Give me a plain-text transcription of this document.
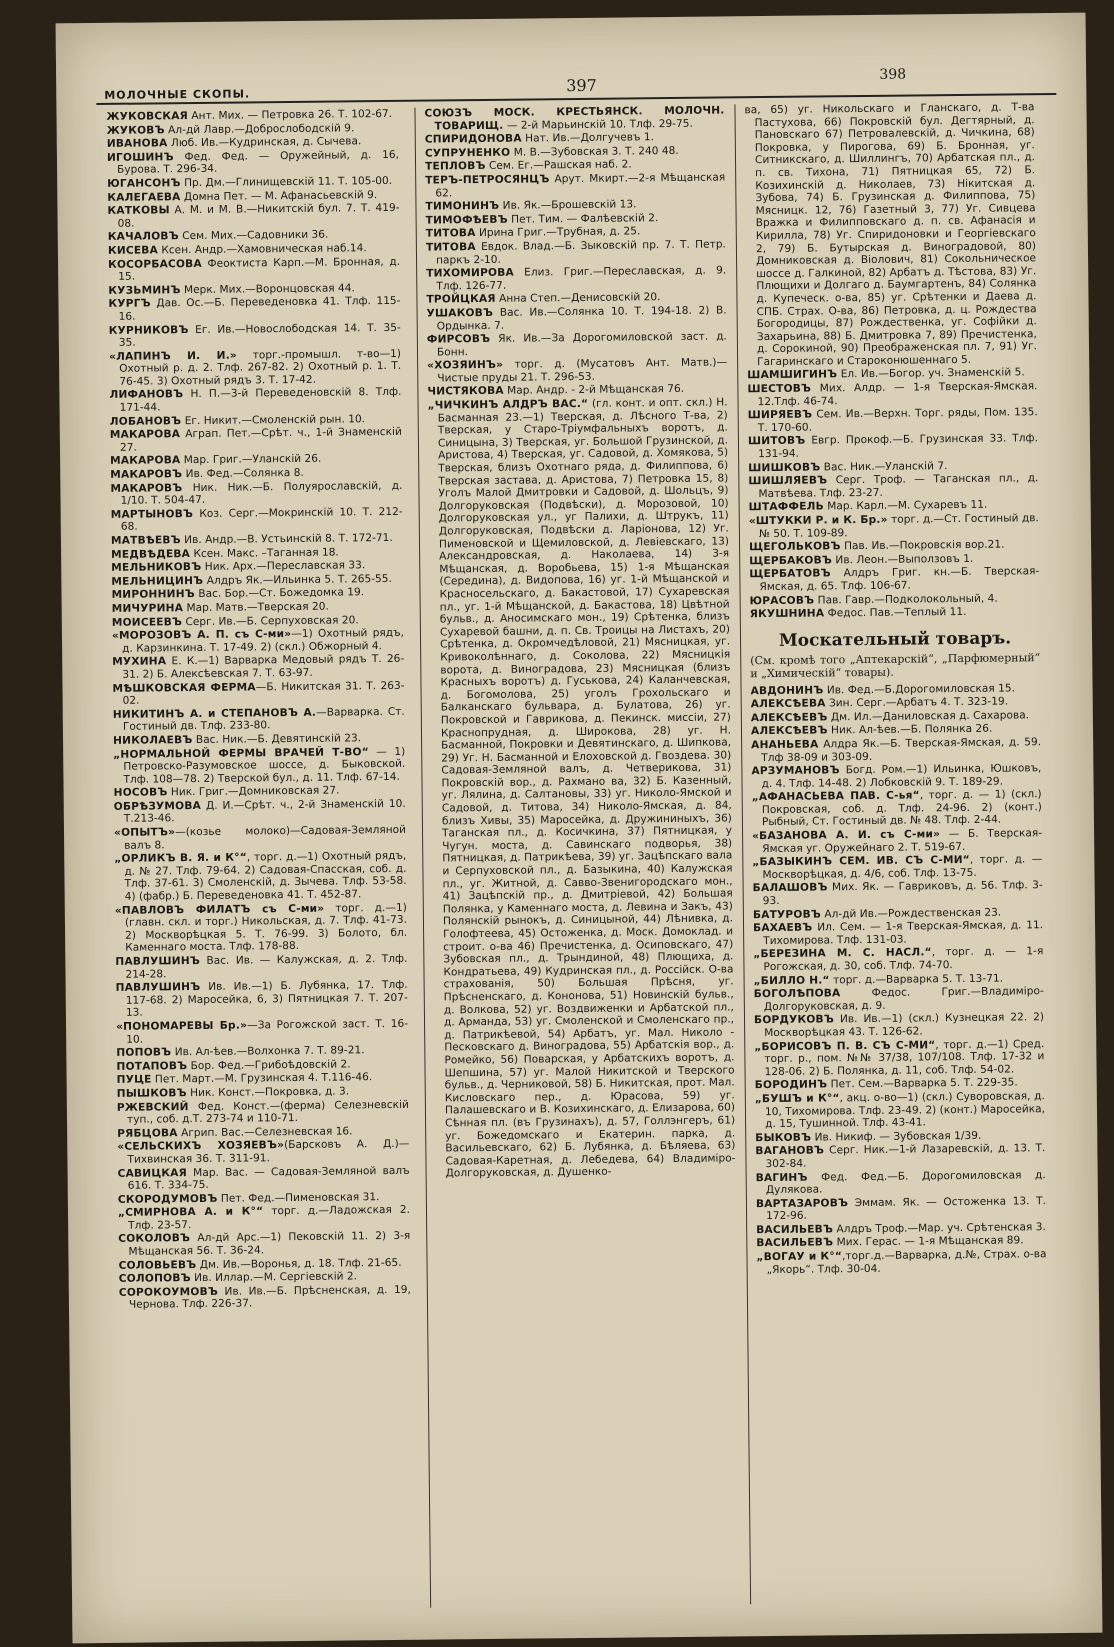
МОЛОЧНЫЕ СКОПЫ.	397
398
ЖУКОВСКАЯ Ант. Мих. — Петровка 26. Т. 102-67.
ЖУКОВЪ Ал-дй Лавр.—Доброслободскій 9.
ИВАНОВА Люб. Ив.—Кудринская, д. Сычева.
ИГОШИНЪ Фед. Фед. — Оружейный, д. 16, Бурова. Т. 296-34.
ЮГАНСОНЪ Пр. Дм.—Глинищевскій 11. Т. 105-00.
КАЛЕГАЕВА Домна Пет. — М. Афанасьевскій 9.
КАТКОВЫ А. М. и М. В.—Никитскій бул. 7. Т. 419-08.
КАЧАЛОВЪ Сем. Мих.—Садовники 36.
КИСЕВА Ксен. Андр.—Хамовническая наб.14.
КОСОРБАСОВА Феоктиста Карп.—М. Бронная, д. 15.
КУЗЬМИНЪ Мерк. Мих.—Воронцовская 44.
КУРГЪ Дав. Ос.—Б. Переведеновка 41. Тлф. 115-16.
КУРНИКОВЪ Ег. Ив.—Новослободская 14. Т. 35-35.
«ЛАПИНЪ И. И.» торг.-промышл. т-во—1) Охотный р. д. 2. Тлф. 267-82. 2) Охотный р. 1. Т. 76-45. 3) Охотный рядъ 3. Т. 17-42.
ЛИФАНОВЪ Н. П.—3-й Переведеновскій 8. Тлф. 171-44.
ЛОБАНОВЪ Ег. Никит.—Смоленскій рын. 10.
МАКАРОВА Аграп. Пет.—Срѣт. ч., 1-й Знаменскій 27.
МАКАРОВА Мар. Григ.—Уланскій 26.
МАКАРОВЪ Ив. Фед.—Солянка 8.
МАКАРОВЪ Ник. Ник.—Б. Полуярославскій, д. 1/10. Т. 504-47.
МАРТЫНОВЪ Коз. Серг.—Мокринскій 10. Т. 212-68.
МАТВѢЕВЪ Ив. Андр.—В. Устьинскій 8. Т. 172-71.
МЕДВѢДЕВА Ксен. Макс. –Таганная 18.
МЕЛЬНИКОВЪ Ник. Арх.—Переславская 33.
МЕЛЬНИЦИНЪ Алдръ Як.—Ильинка 5. Т. 265-55.
МИРОННИНЪ Вас. Бор.—Ст. Божедомка 19.
МИЧУРИНА Мар. Матв.—Тверская 20.
МОИСЕЕВЪ Серг. Ив.—Б. Серпуховская 20.
«МОРОЗОВЪ А. П. съ С-ми»—1) Охотный рядъ, д. Карзинкина. Т. 17-49. 2) (скл.) Обжорный 4.
МУХИНА Е. К.—1) Варварка Медовый рядъ Т. 26-31. 2) Б. Алексѣевская 7. Т. 63-97.
МѢШКОВСКАЯ ФЕРМА—Б. Никитская 31. Т. 263-02.
НИКИТИНЪ А. и СТЕПАНОВЪ А.—Варварка. Ст. Гостиный дв. Тлф. 233-80.
НИКОЛАЕВЪ Вас. Ник.—Б. Девятинскій 23.
„НОРМАЛЬНОЙ ФЕРМЫ ВРАЧЕЙ Т-ВО“ — 1) Петровско-Разумовское шоссе, д. Быковской. Тлф. 108—78. 2) Тверской бул., д. 11. Тлф. 67-14.
НОСОВЪ Ник. Григ.—Домниковская 27.
ОБРѢЗУМОВА Д. И.—Срѣт. ч., 2-й Знаменскій 10. Т.213-46.
«ОПЫТЪ»—(козье молоко)—Садовая-Земляной валъ 8.
„ОРЛИКЪ В. Я. и К°“, торг. д.—1) Охотный рядъ, д. № 27. Тлф. 79-64. 2) Садовая-Спасская, соб. д. Тлф. 37-61. 3) Смоленскій, д. Зычева. Тлф. 53-58. 4) (фабр.) Б. Переведеновка 41. Т. 452-87.
«ПАВЛОВЪ ФИЛАТЪ съ С-ми» торг. д.—1) (главн. скл. и торг.) Никольская, д. 7. Тлф. 41-73. 2) Москворѣцкая 5. Т. 76-99. 3) Болото, бл. Каменнаго моста. Тлф. 178-88.
ПАВЛУШИНЪ Вас. Ив. — Калужская, д. 2. Тлф. 214-28.
ПАВЛУШИНЪ Ив. Ив.—1) Б. Лубянка, 17. Тлф. 117-68. 2) Маросейка, 6, 3) Пятницкая 7. Т. 207-13.
«ПОНОМАРЕВЫ Бр.»—За Рогожской заст. Т. 16-10.
ПОПОВЪ Ив. Ал-ѣев.—Волхонка 7. Т. 89-21.
ПОТАПОВЪ Бор. Фед.—Грибоѣдовскій 2.
ПУЦЕ Пет. Март.—М. Грузинская 4. Т.116-46.
ПЫШКОВЪ Ник. Конст.—Покровка, д. 3.
РЖЕВСКИЙ Фед. Конст.—(ферма) Селезневскій туп., соб. д.Т. 273-74 и 110-71.
РЯБЦОВА Агрип. Вас.—Селезневская 16.
«СЕЛЬСКИХЪ ХОЗЯЕВЪ»(Барсковъ А. Д.)—Тихвинская 36. Т. 311-91.
САВИЦКАЯ Мар. Вас. — Садовая-Земляной валъ 616. Т. 334-75.
СКОРОДУМОВЪ Пет. Фед.—Пименовская 31.
„СМИРНОВА А. и К°“ торг. д.—Ладожская 2. Тлф. 23-57.
СОКОЛОВЪ Ал-дй Арс.—1) Пековскій 11. 2) 3-я Мѣщанская 56. Т. 36-24.
СОЛОВЬЕВЪ Дм. Ив.—Воронья, д. 18. Тлф. 21-65.
СОЛОПОВЪ Ив. Иллар.—М. Сергіевскій 2.
СОРОКОУМОВЪ Ив. Ив.—Б. Прѣсненская, д. 19, Чернова. Тлф. 226-37.
СОЮЗЪ МОСК. КРЕСТЬЯНСК. МОЛОЧН. ТОВАРИЩ. — 2-й Марьинскій 10. Тлф. 29-75.
СПИРИДОНОВА Нат. Ив.—Долгучевъ 1.
СУПРУНЕНКО М. В.—Зубовская 3. Т. 240 48.
ТЕПЛОВЪ Сем. Ег.—Рашская наб. 2.
ТЕРЪ-ПЕТРОСЯНЦЪ Арут. Мкирт.—2-я Мѣщанская 62.
ТИМОНИНЪ Ив. Як.—Брошевскій 13.
ТИМОФѢЕВЪ Пет. Тим. — Фалѣевскій 2.
ТИТОВА Ирина Григ.—Трубная, д. 25.
ТИТОВА Евдок. Влад.—Б. Зыковскій пр. 7. Т. Петр. паркъ 2-10.
ТИХОМИРОВА Елиз. Григ.—Переславская, д. 9. Тлф. 126-77.
ТРОЙЦКАЯ Анна Степ.—Денисовскій 20.
УШАКОВЪ Вас. Ив.—Солянка 10. Т. 194-18. 2) В. Ордынка. 7.
ФИРСОВЪ Як. Ив.—За Дорогомиловской заст. д. Бонн.
«ХОЗЯИНЪ» торг. д. (Мусатовъ Ант. Матв.)—Чистые пруды 21. Т. 296-53.
ЧИСТЯКОВА Мар. Андр. - 2-й Мѣщанская 76.
„ЧИЧКИНЪ АЛДРЪ ВАС.“ (гл. конт. и опт. скл.) Н. Басманная 23.—1) Тверская, д. Лѣсного Т-ва, 2) Тверская, у Старо-Тріумфальныхъ воротъ, д. Синицына, 3) Тверская, уг. Большой Грузинской, д. Аристова, 4) Тверская, уг. Садовой, д. Хомякова, 5) Тверская, близъ Охотнаго ряда, д. Филиппова, 6) Тверская застава, д. Аристова, 7) Петровка 15, 8) Уголъ Малой Дмитровки и Садовой, д. Шольцъ, 9) Долгоруковская (Подвѣски), д. Морозовой, 10) Долгоруковская ул., уг Палихи, д. Штрукъ, 11) Долгоруковская, Подвѣски д. Ларіонова, 12) Уг. Пименовской и Щемиловской, д. Левіевскаго, 13) Александровская, д. Наколаева, 14) 3-я Мѣщанская, д. Воробьева, 15) 1-я Мѣщанская (Середина), д. Видопова, 16) уг. 1-й Мѣщанской и Красносельскаго, д. Бакастовой, 17) Сухаревская пл., уг. 1-й Мѣщанской, д. Бакастова, 18) Цвѣтной бульв., д. Аносимскаго мон., 19) Срѣтенка, близъ Сухаревой башни, д. п. Св. Троицы на Листахъ, 20) Срѣтенка, д. Окромчедѣловой, 21) Мясницкая, уг. Кривоколѣннаго, д. Соколова, 22) Мясницкія ворота, д. Виноградова, 23) Мясницкая (близъ Красныхъ воротъ) д. Гуськова, 24) Каланчевская, д. Богомолова, 25) уголъ Грохольскаго и Балканскаго бульвара, д. Булатова, 26) уг. Покровской и Гавриковa, д. Пекинск. миссіи, 27) Краснопрудная, д. Широкова, 28) уг. Н. Басманной, Покровки и Девятинскаго, д. Шипкова, 29) Уг. Н. Басманной и Елоховской д. Гвоздева. 30) Садовая-Земляной валъ, д. Четверикова, 31) Покровскій вор., д. Рахмано ва, 32) Б. Казенный, уг. Лялина, д. Салтановы, 33) уг. Николо-Ямской и Садовой, д. Титова, 34) Николо-Ямская, д. 84, близъ Хивы, 35) Маросейка, д. Дружининыхъ, 36) Таганская пл., д. Косичкина, 37) Пятницкая, у Чугун. моста, д. Савинскаго подворья, 38) Пятницкая, д. Патрикѣева, 39) уг. Зацѣпскаго вала и Серпуховской пл., д. Базыкина, 40) Калужская пл., уг. Житной, д. Саввo-Звенигородскаго мон., 41) Зацѣпскій пр., д. Дмитріевой, 42) Большая Полянка, у Каменнаго моста, д. Левина и Закъ, 43) Полянскій рынокъ, д. Синицыной, 44) Лѣнивка, д. Голофтеева, 45) Остоженка, д. Моск. Домоклад. и строит. о-ва 46) Пречистенка, д. Осиповскаго, 47) Зубовская пл., д. Трындиной, 48) Плющиха, д. Кондратьева, 49) Кудринская пл., д. Россійск. О-ва страхованія, 50) Большая Прѣсня, уг. Прѣсненскаго, д. Кононова, 51) Новинскій бульв., д. Волкова, 52) уг. Воздвиженки и Арбатской пл., д. Арманда, 53) уг. Смоленской и Смоленскаго пр., д. Патрикѣевой, 54) Арбатъ, уг. Мал. Николо - Песковскаго д. Виноградова, 55) Арбатскія вор., д. Ромейко, 56) Поварская, у Арбатскихъ воротъ, д. Шепшина, 57) уг. Малой Никитской и Тверского бульв., д. Черниковой, 58) Б. Никитская, прот. Мал. Кисловскаго пер., д. Юрасова, 59) уг. Палашевскаго и В. Козихинскаго, д. Елизарова, 60) Сѣнная пл. (въ Грузинахъ), д. 57, Голлэнгеръ, 61) уг. Божедомскаго и Екатерин. парка, д. Васильевскаго, 62) Б. Лубянка, д. Бѣляева, 63) Садовая-Каретная, д. Лебедева, 64) Владиміро-Долгоруковская, д. Душенко-
ва, 65) уг. Никольскаго и Гланскаго, д. Т-ва Пастухова, 66) Покровскій бул. Дегтярный, д. Пановскаго 67) Петровалевскій, д. Чичкина, 68) Покровка, у Пирогова, 69) Б. Бронная, уг. Ситникскаго, д. Шиллингъ, 70) Арбатская пл., д. п. св. Тихона, 71) Пятницкая 65, 72) Б. Козихинскій д. Николаев, 73) Нікитская д. Зубова, 74) Б. Грузинская д. Филиппова, 75) Мясницк. 12, 76) Газетный 3, 77) Уг. Сивцева Вражка и Филипповскаго д. п. св. Афанасія и Кирилла, 78) Уг. Спиридоновки и Георгіевскаго 2, 79) Б. Бутырская д. Виноградовой, 80) Домниковская д. Віолович, 81) Сокольническое шоссе д. Галкиной, 82) Арбатъ д. Тѣстова, 83) Уг. Плющихи и Долгаго д. Баумгартенъ, 84) Солянка д. Купеческ. о-ва, 85) уг. Срѣтенки и Даева д. СПБ. Страх. О-ва, 86) Петровка, д. ц. Рождества Богородицы, 87) Рождественка, уг. Софійки д. Захарьина, 88) Б. Дмитровка 7, 89) Пречистенка, д. Сорокиной, 90) Преображенская пл. 7, 91) Уг. Гагаринскаго и Староконюшеннаго 5.
ШАМШИГИНЪ Ел. Ив.—Богор. уч. Знаменскій 5.
ШЕСТОВЪ Мих. Алдр. — 1-я Тверская-Ямская. 12.Тлф. 46-74.
ШИРЯЕВЪ Сем. Ив.—Верхн. Торг. ряды, Пом. 135. Т. 170-60.
ШИТОВЪ Евгр. Прокоф.—Б. Грузинская 33. Тлф. 131-94.
ШИШКОВЪ Вас. Ник.—Уланскій 7.
ШИШЛЯЕВЪ Серг. Троф. — Таганская пл., д. Матвѣева. Тлф. 23-27.
ШТАФФЕЛЬ Мар. Карл.—М. Сухаревъ 11.
«ШТУККИ Р. и К. Бр.» торг. д.—Ст. Гостиный дв. № 50. Т. 109-89.
ЩЕГОЛЬКОВЪ Пав. Ив.—Покровскія вор.21.
ЩЕРБАКОВЪ Ив. Леон.—Выползовъ 1.
ЩЕРБАТОВЪ Алдръ Григ. кн.—Б. Тверская-Ямская, д. 65. Тлф. 106-67.
ЮРАСОВЪ Пав. Гавр.—Подколокольный, 4.
ЯКУШНИНА Федос. Пав.—Теплый 11.
Москательный товаръ.
(См. кромѣ того „Аптекарскій“, „Парфюмерный“ и „Химическій“ товары).
АВДОНИНЪ Ив. Фед.—Б.Дорогомиловская 15.
АЛЕКСѢЕВА Зин. Серг.—Арбатъ 4. Т. 323-19.
АЛЕКСѢЕВЪ Дм. Ил.—Даниловская д. Сахарова.
АЛЕКСѢЕВЪ Ник. Ал-ѣев.—Б. Полянка 26.
АНАНЬЕВА Алдра Як.—Б. Тверская-Ямская, д. 59. Тлф 38-09 и 303-09.
АРЗУМАНОВЪ Богд. Ром.—1) Ильинка, Юшковъ, д. 4. Тлф. 14-48. 2) Лобковскій 9. Т. 189-29.
„АФАНАСЬЕВА ПАВ. С-ья“, торг. д. — 1) (скл.) Покровская, соб. д. Тлф. 24-96. 2) (конт.) Рыбный, Ст. Гостиный дв. № 48. Тлф. 2-44.
«БАЗАНОВА А. И. съ С-ми» — Б. Тверская-Ямская уг. Оружейнаго 2. Т. 519-67.
„БАЗЫКИНЪ СЕМ. ИВ. СЪ С-МИ“, торг. д. —Москворѣцкая, д. 4/6, соб. Тлф. 13-75.
БАЛАШОВЪ Мих. Як. — Гавриковъ, д. 56. Тлф. 3-93.
БАТУРОВЪ Ал-дй Ив.—Рождественская 23.
БАХАЕВЪ Ил. Сем. — 1-я Тверская-Ямская, д. 11. Тихомирова. Тлф. 131-03.
„БЕРЕЗИНА М. С. НАСЛ.“, торг. д. — 1-я Рогожская, д. 30, соб. Тлф. 74-70.
„БИЛЛО Н.“ торг. д.—Варварка 5. Т. 13-71.
БОГОЛѢПОВА Федос. Григ.—Владиміро-Долгоруковская, д. 9.
БОРДУКОВЪ Ив. Ив.—1) (скл.) Кузнецкая 22. 2) Москворѣцкая 43. Т. 126-62.
„БОРИСОВЪ П. В. СЪ С-МИ“, торг. д.—1) Сред. торг. р., пом. №№ 37/38, 107/108. Тлф. 17-32 и 128-06. 2) Б. Полянка, д. 11, соб. Тлф. 54-02.
БОРОДИНЪ Пет. Сем.—Варварка 5. Т. 229-35.
„БУШЪ и К°“, акц. о-во—1) (скл.) Суворовская, д. 10, Тихомирова. Тлф. 23-49. 2) (конт.) Маросейка, д. 15, Тушинной. Тлф. 43-41.
БЫКОВЪ Ив. Никиф. — Зубовская 1/39.
ВАГАНОВЪ Серг. Ник.—1-й Лазаревскій, д. 13. Т. 302-84.
ВАГИНЪ Фед. Фед.—Б. Дорогомиловская д. Дулякова.
ВАРТАЗАРОВЪ Эммам. Як. — Остоженка 13. Т. 172-96.
ВАСИЛЬЕВЪ Алдръ Троф.—Мар. уч. Срѣтенская 3.
ВАСИЛЬЕВЪ Мих. Герас. — 1-я Мѣщанская 89.
„ВОГАУ и К°“,торг.д.—Варварка, д.№, Страх. о-ва „Якорь“. Тлф. 30-04.
